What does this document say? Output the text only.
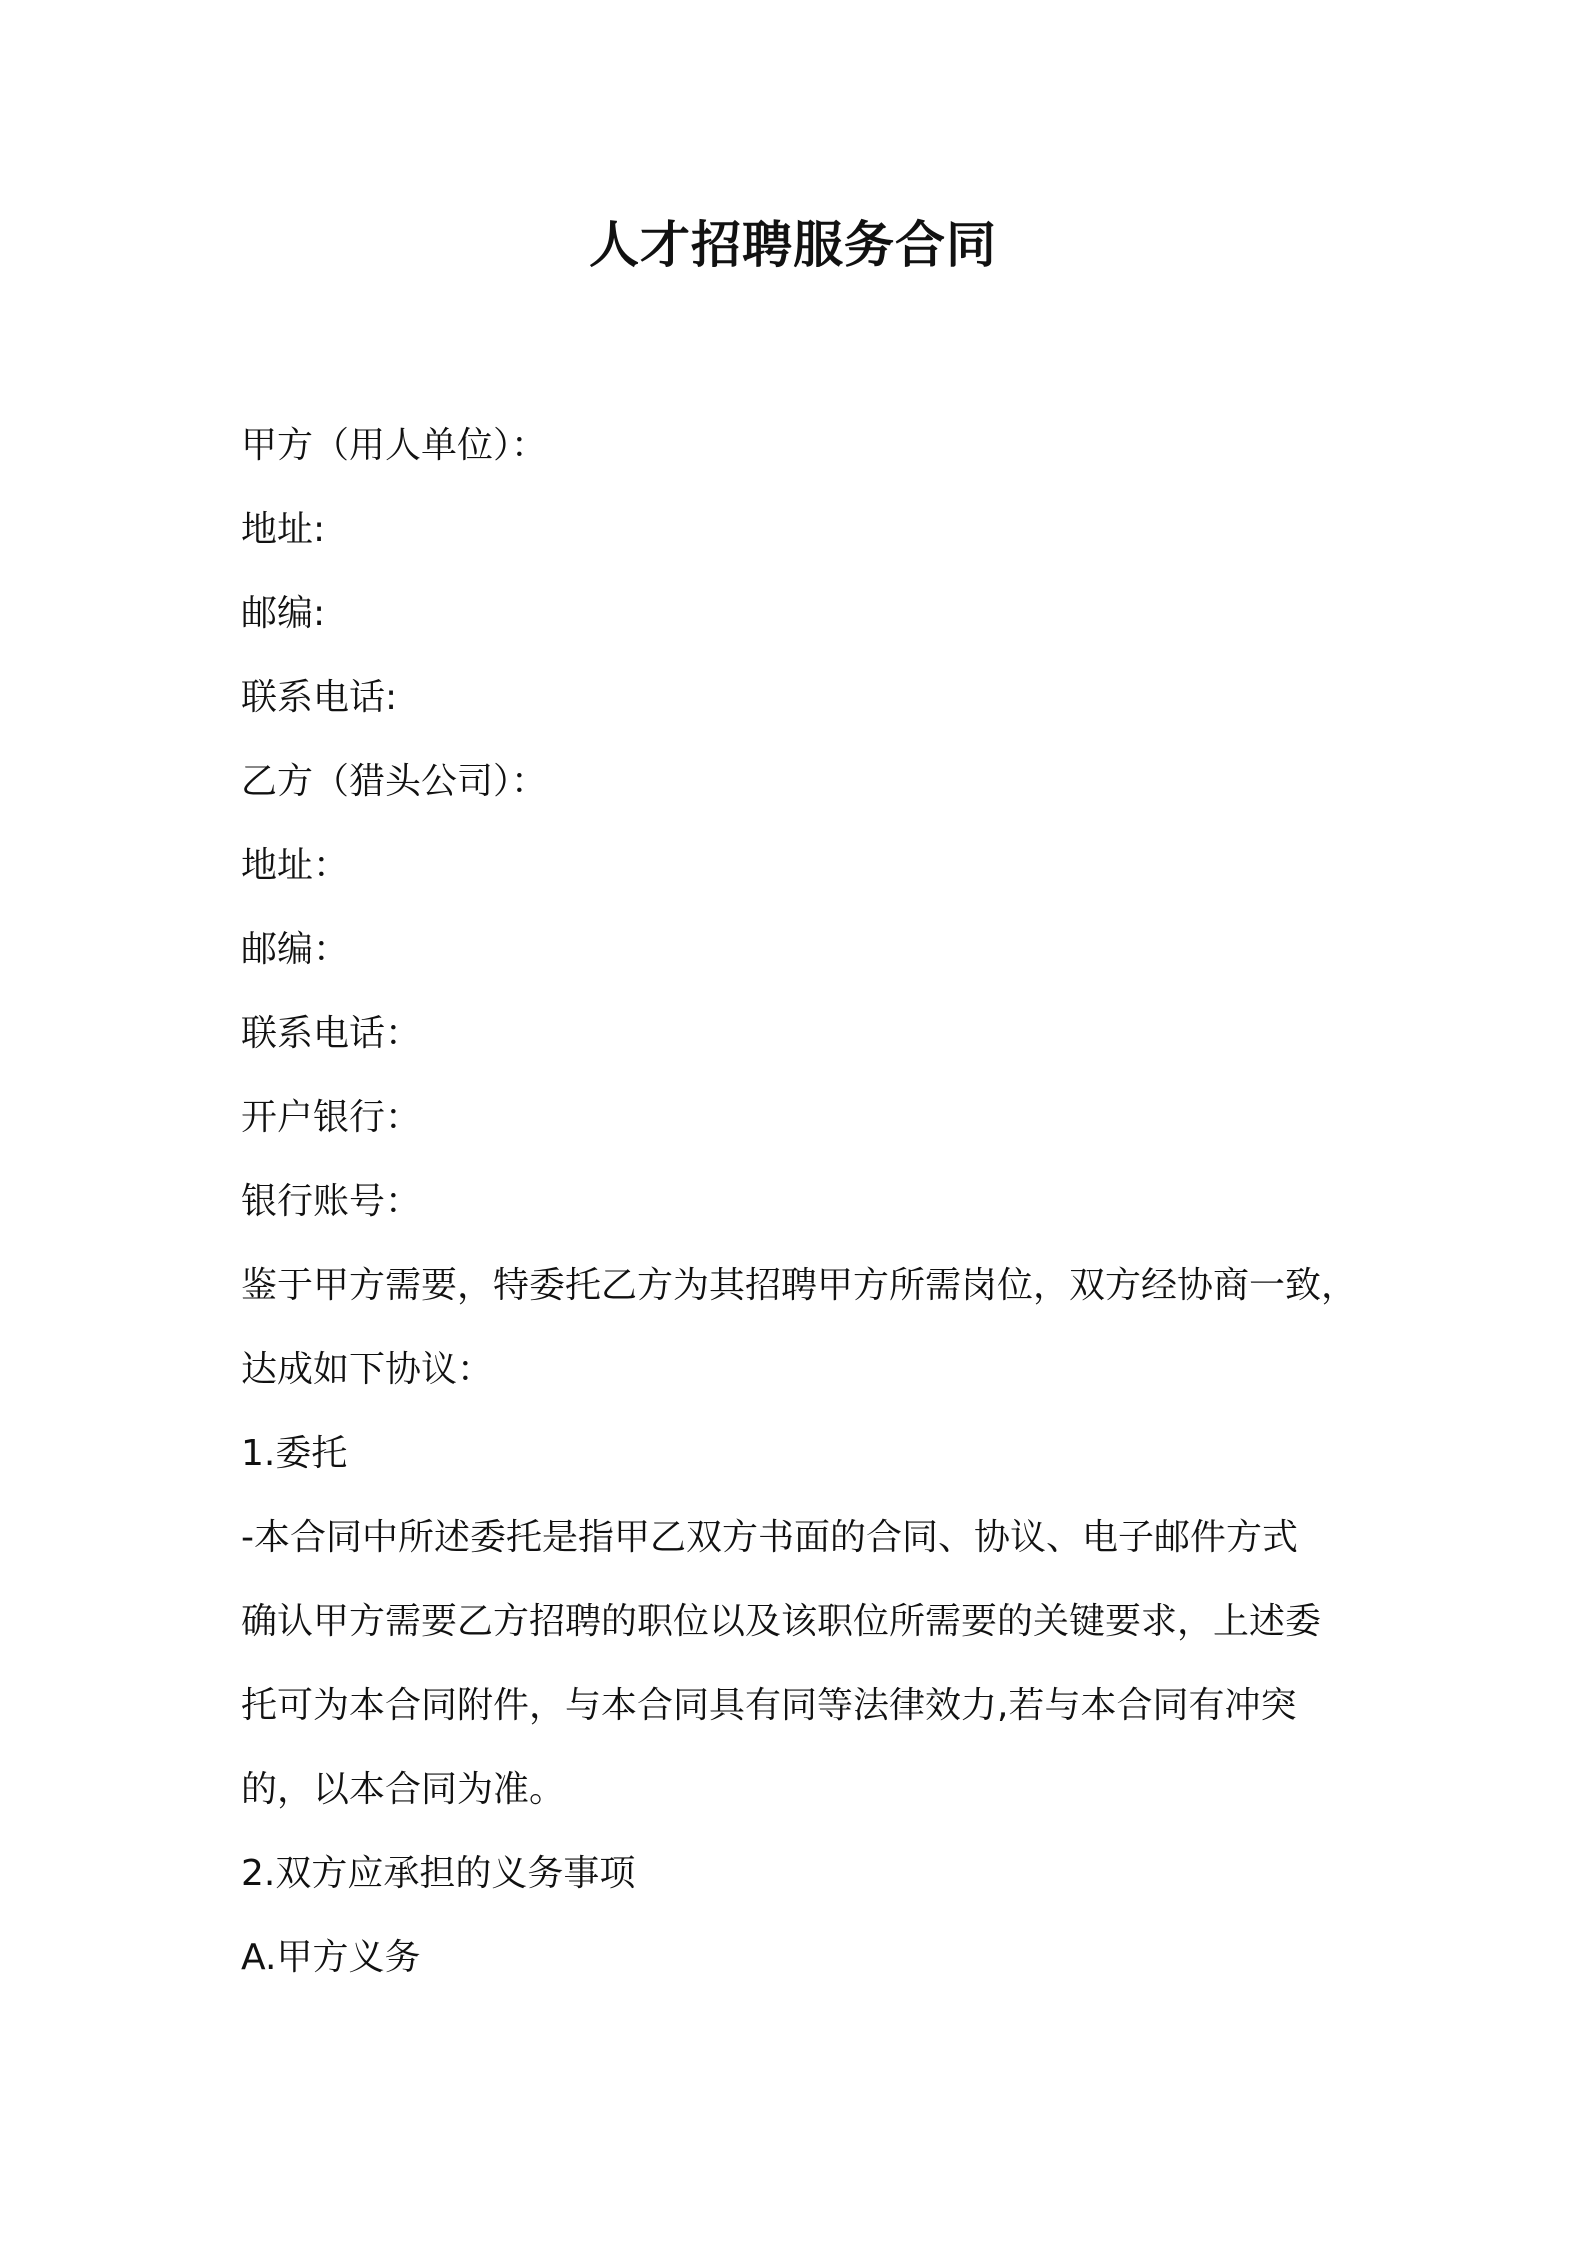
人才招聘服务合同
甲方（用人单位）：
地址:
邮编:
联系电话:
乙方（猎头公司）：
地址：
邮编：
联系电话：
开户银行：
银行账号：
鉴于甲方需要，特委托乙方为其招聘甲方所需岗位，双方经协商一致，
达成如下协议：
1.委托
-本合同中所述委托是指甲乙双方书面的合同、协议、电子邮件方式
确认甲方需要乙方招聘的职位以及该职位所需要的关键要求，上述委
托可为本合同附件，与本合同具有同等法律效力,若与本合同有冲突
的，以本合同为准。
2.双方应承担的义务事项
A.甲方义务
